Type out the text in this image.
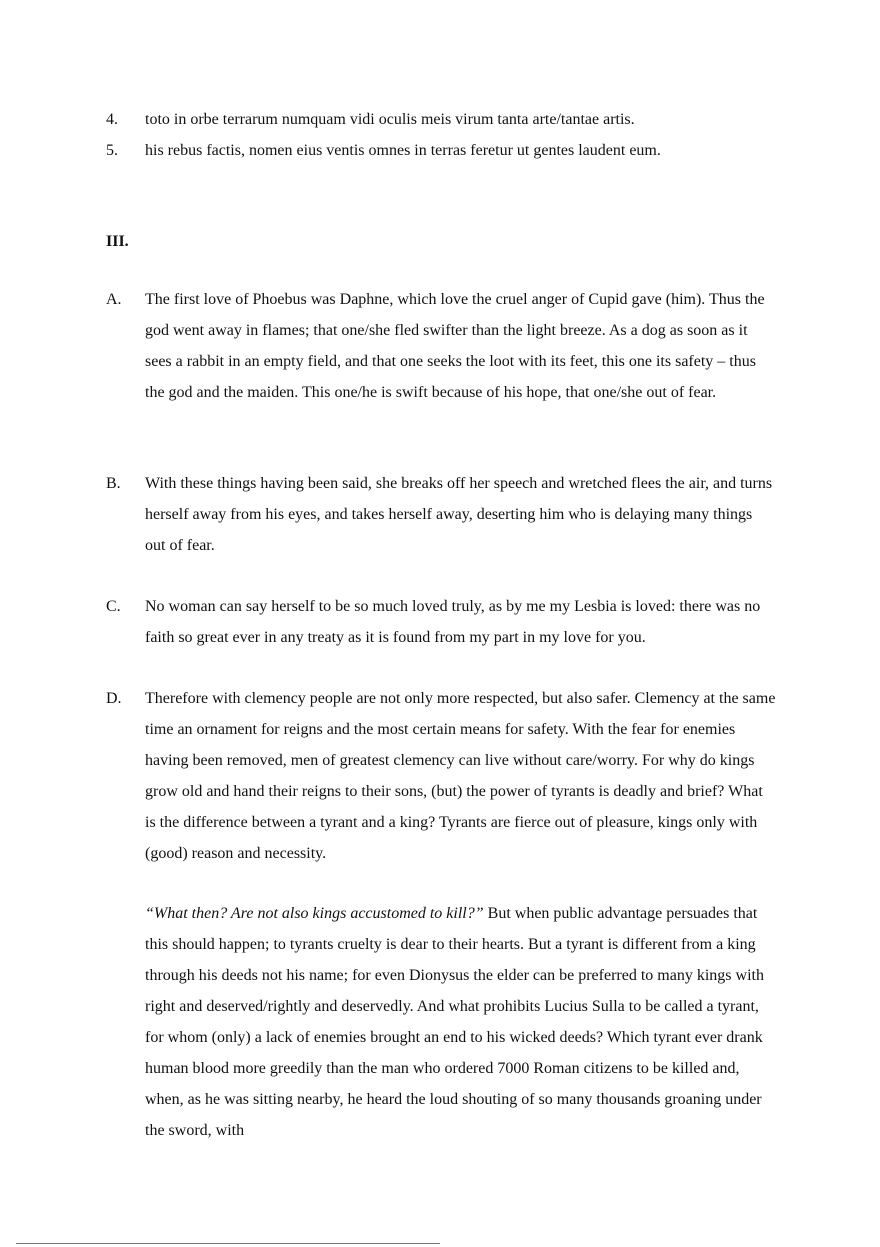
4.	toto in orbe terrarum numquam vidi oculis meis virum tanta arte/tantae artis.
5.	his rebus factis, nomen eius ventis omnes in terras feretur ut gentes laudent eum.
III.
A.	The first love of Phoebus was Daphne, which love the cruel anger of Cupid gave (him). Thus the god went away in flames; that one/she fled swifter than the light breeze. As a dog as soon as it sees a rabbit in an empty field, and that one seeks the loot with its feet, this one its safety – thus the god and the maiden. This one/he is swift because of his hope, that one/she out of fear.
B.	With these things having been said, she breaks off her speech and wretched flees the air, and turns herself away from his eyes, and takes herself away, deserting him who is delaying many things out of fear.
C.	No woman can say herself to be so much loved truly, as by me my Lesbia is loved: there was no faith so great ever in any treaty as it is found from my part in my love for you.
D.	Therefore with clemency people are not only more respected, but also safer. Clemency at the same time an ornament for reigns and the most certain means for safety. With the fear for enemies having been removed, men of greatest clemency can live without care/worry. For why do kings grow old and hand their reigns to their sons, (but) the power of tyrants is deadly and brief? What is the difference between a tyrant and a king? Tyrants are fierce out of pleasure, kings only with (good) reason and necessity.
“What then? Are not also kings accustomed to kill?” But when public advantage persuades that this should happen; to tyrants cruelty is dear to their hearts. But a tyrant is different from a king through his deeds not his name; for even Dionysus the elder can be preferred to many kings with right and deserved/rightly and deservedly. And what prohibits Lucius Sulla to be called a tyrant, for whom (only) a lack of enemies brought an end to his wicked deeds? Which tyrant ever drank human blood more greedily than the man who ordered 7000 Roman citizens to be killed and, when, as he was sitting nearby, he heard the loud shouting of so many thousands groaning under the sword, with
